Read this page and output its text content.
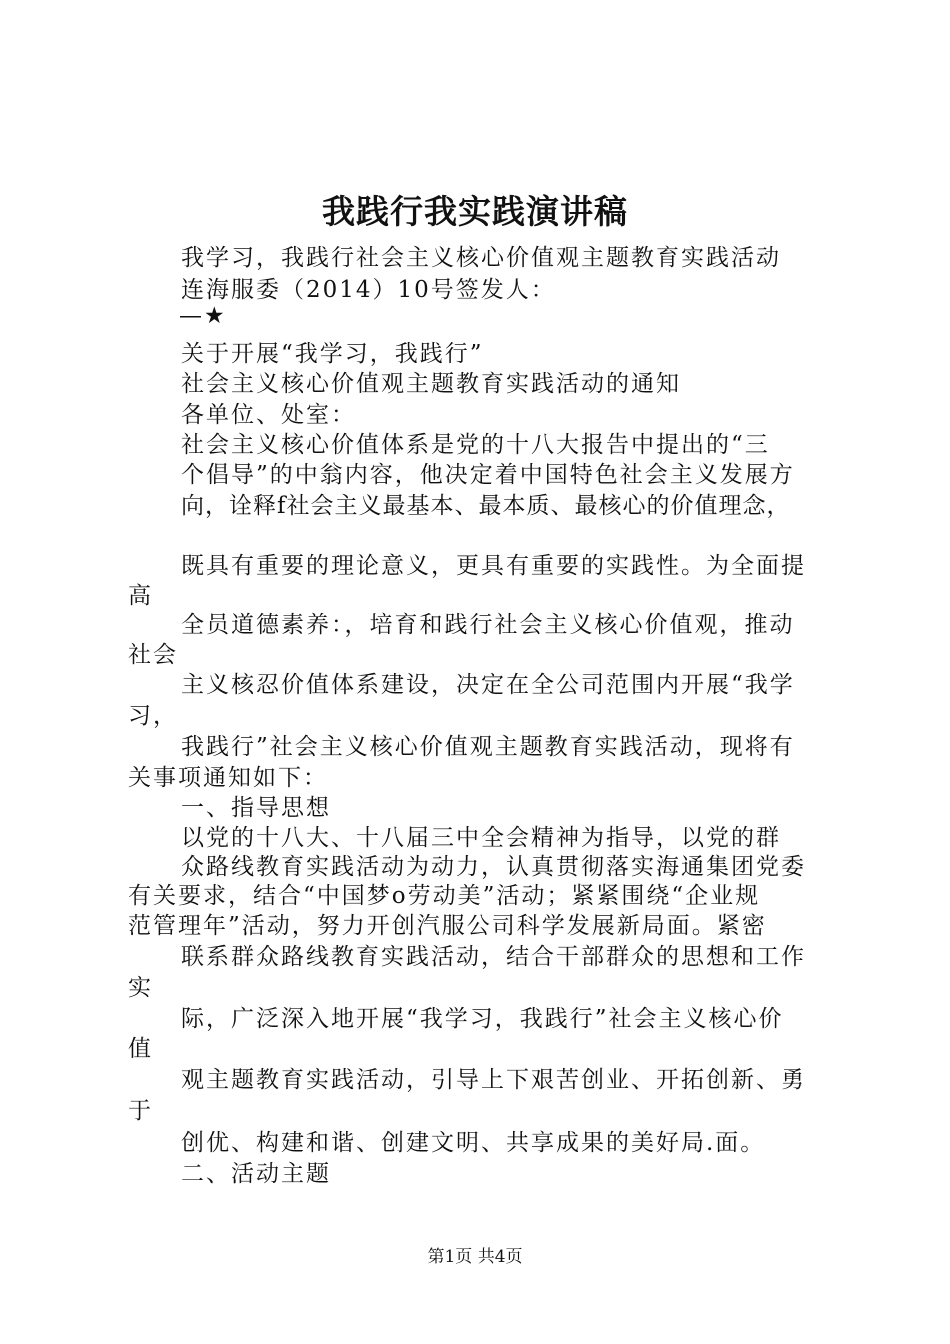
我践行我实践演讲稿
我学习，我践行社会主义核心价值观主题教育实践活动
连海服委（2014）10号签发人：
—★
关于开展“我学习，我践行”
社会主义核心价值观主题教育实践活动的通知
各单位、处室：
社会主义核心价值体系是党的十八大报告中提出的“三
个倡导”的中翁内容，他决定着中国特色社会主义发展方
向，诠释f社会主义最基本、最本质、最核心的价值理念，
既具有重要的理论意义，更具有重要的实践性。为全面提
高
全员道德素养：，培育和践行社会主义核心价值观，推动
社会
主义核忍价值体系建设，决定在全公司范围内开展“我学
习，
我践行”社会主义核心价值观主题教育实践活动，现将有
关事项通知如下：
一、指导思想
以党的十八大、十八届三中全会精神为指导，以党的群
众路线教育实践活动为动力，认真贯彻落实海通集团党委
有关要求，结合“中国梦o劳动美”活动；紧紧围绕“企业规
范管理年”活动，努力开创汽服公司科学发展新局面。紧密
联系群众路线教育实践活动，结合干部群众的思想和工作
实
际，广泛深入地开展“我学习，我践行”社会主义核心价
值
观主题教育实践活动，引导上下艰苦创业、开拓创新、勇
于
创优、构建和谐、创建文明、共享成果的美好局.面。
二、活动主题
第1页 共4页
